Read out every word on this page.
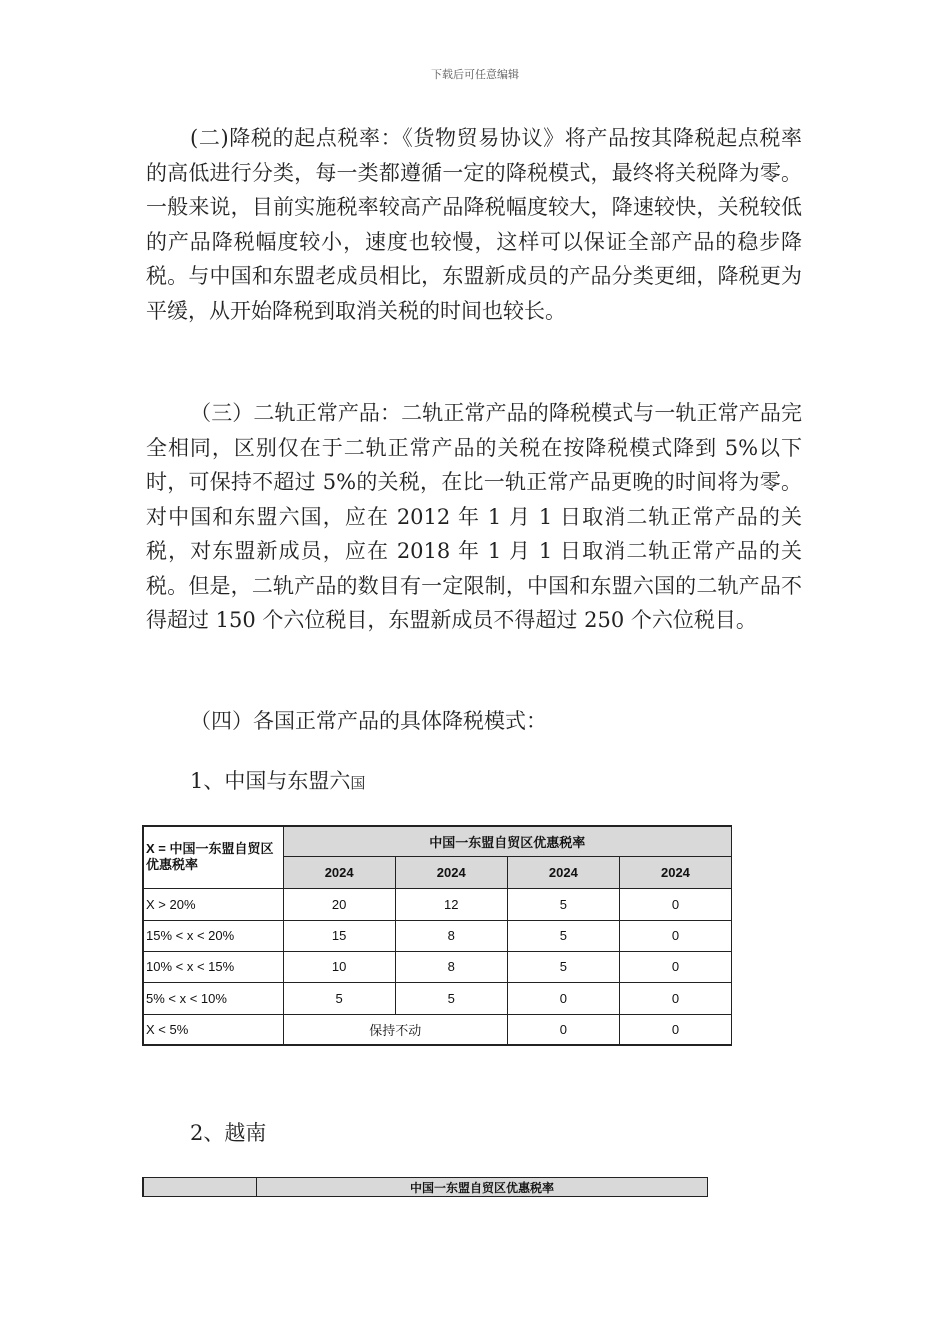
下载后可任意编辑

(二)降税的起点税率：《货物贸易协议》将产品按其降税起点税率的高低进行分类，每一类都遵循一定的降税模式，最终将关税降为零。一般来说，目前实施税率较高产品降税幅度较大，降速较快，关税较低的产品降税幅度较小，速度也较慢，这样可以保证全部产品的稳步降税。与中国和东盟老成员相比，东盟新成员的产品分类更细，降税更为平缓，从开始降税到取消关税的时间也较长。

（三）二轨正常产品：二轨正常产品的降税模式与一轨正常产品完全相同，区别仅在于二轨正常产品的关税在按降税模式降到 5%以下时，可保持不超过 5%的关税，在比一轨正常产品更晚的时间将为零。对中国和东盟六国，应在 2012 年 1 月 1 日取消二轨正常产品的关税，对东盟新成员，应在 2018 年 1 月 1 日取消二轨正常产品的关税。但是，二轨产品的数目有一定限制，中国和东盟六国的二轨产品不得超过 150 个六位税目，东盟新成员不得超过 250 个六位税目。

（四）各国正常产品的具体降税模式：

1、中国与东盟六国

X = 中国一东盟自贸区优惠税率	中国一东盟自贸区优惠税率			
	2024	2024	2024	2024
X > 20%	20	12	5	0
15% < x < 20%	15	8	5	0
10% < x < 15%	10	8	5	0
5% < x < 10%	5	5	0	0
X < 5%	保持不动		0	0

2、越南

	中国一东盟自贸区优惠税率
